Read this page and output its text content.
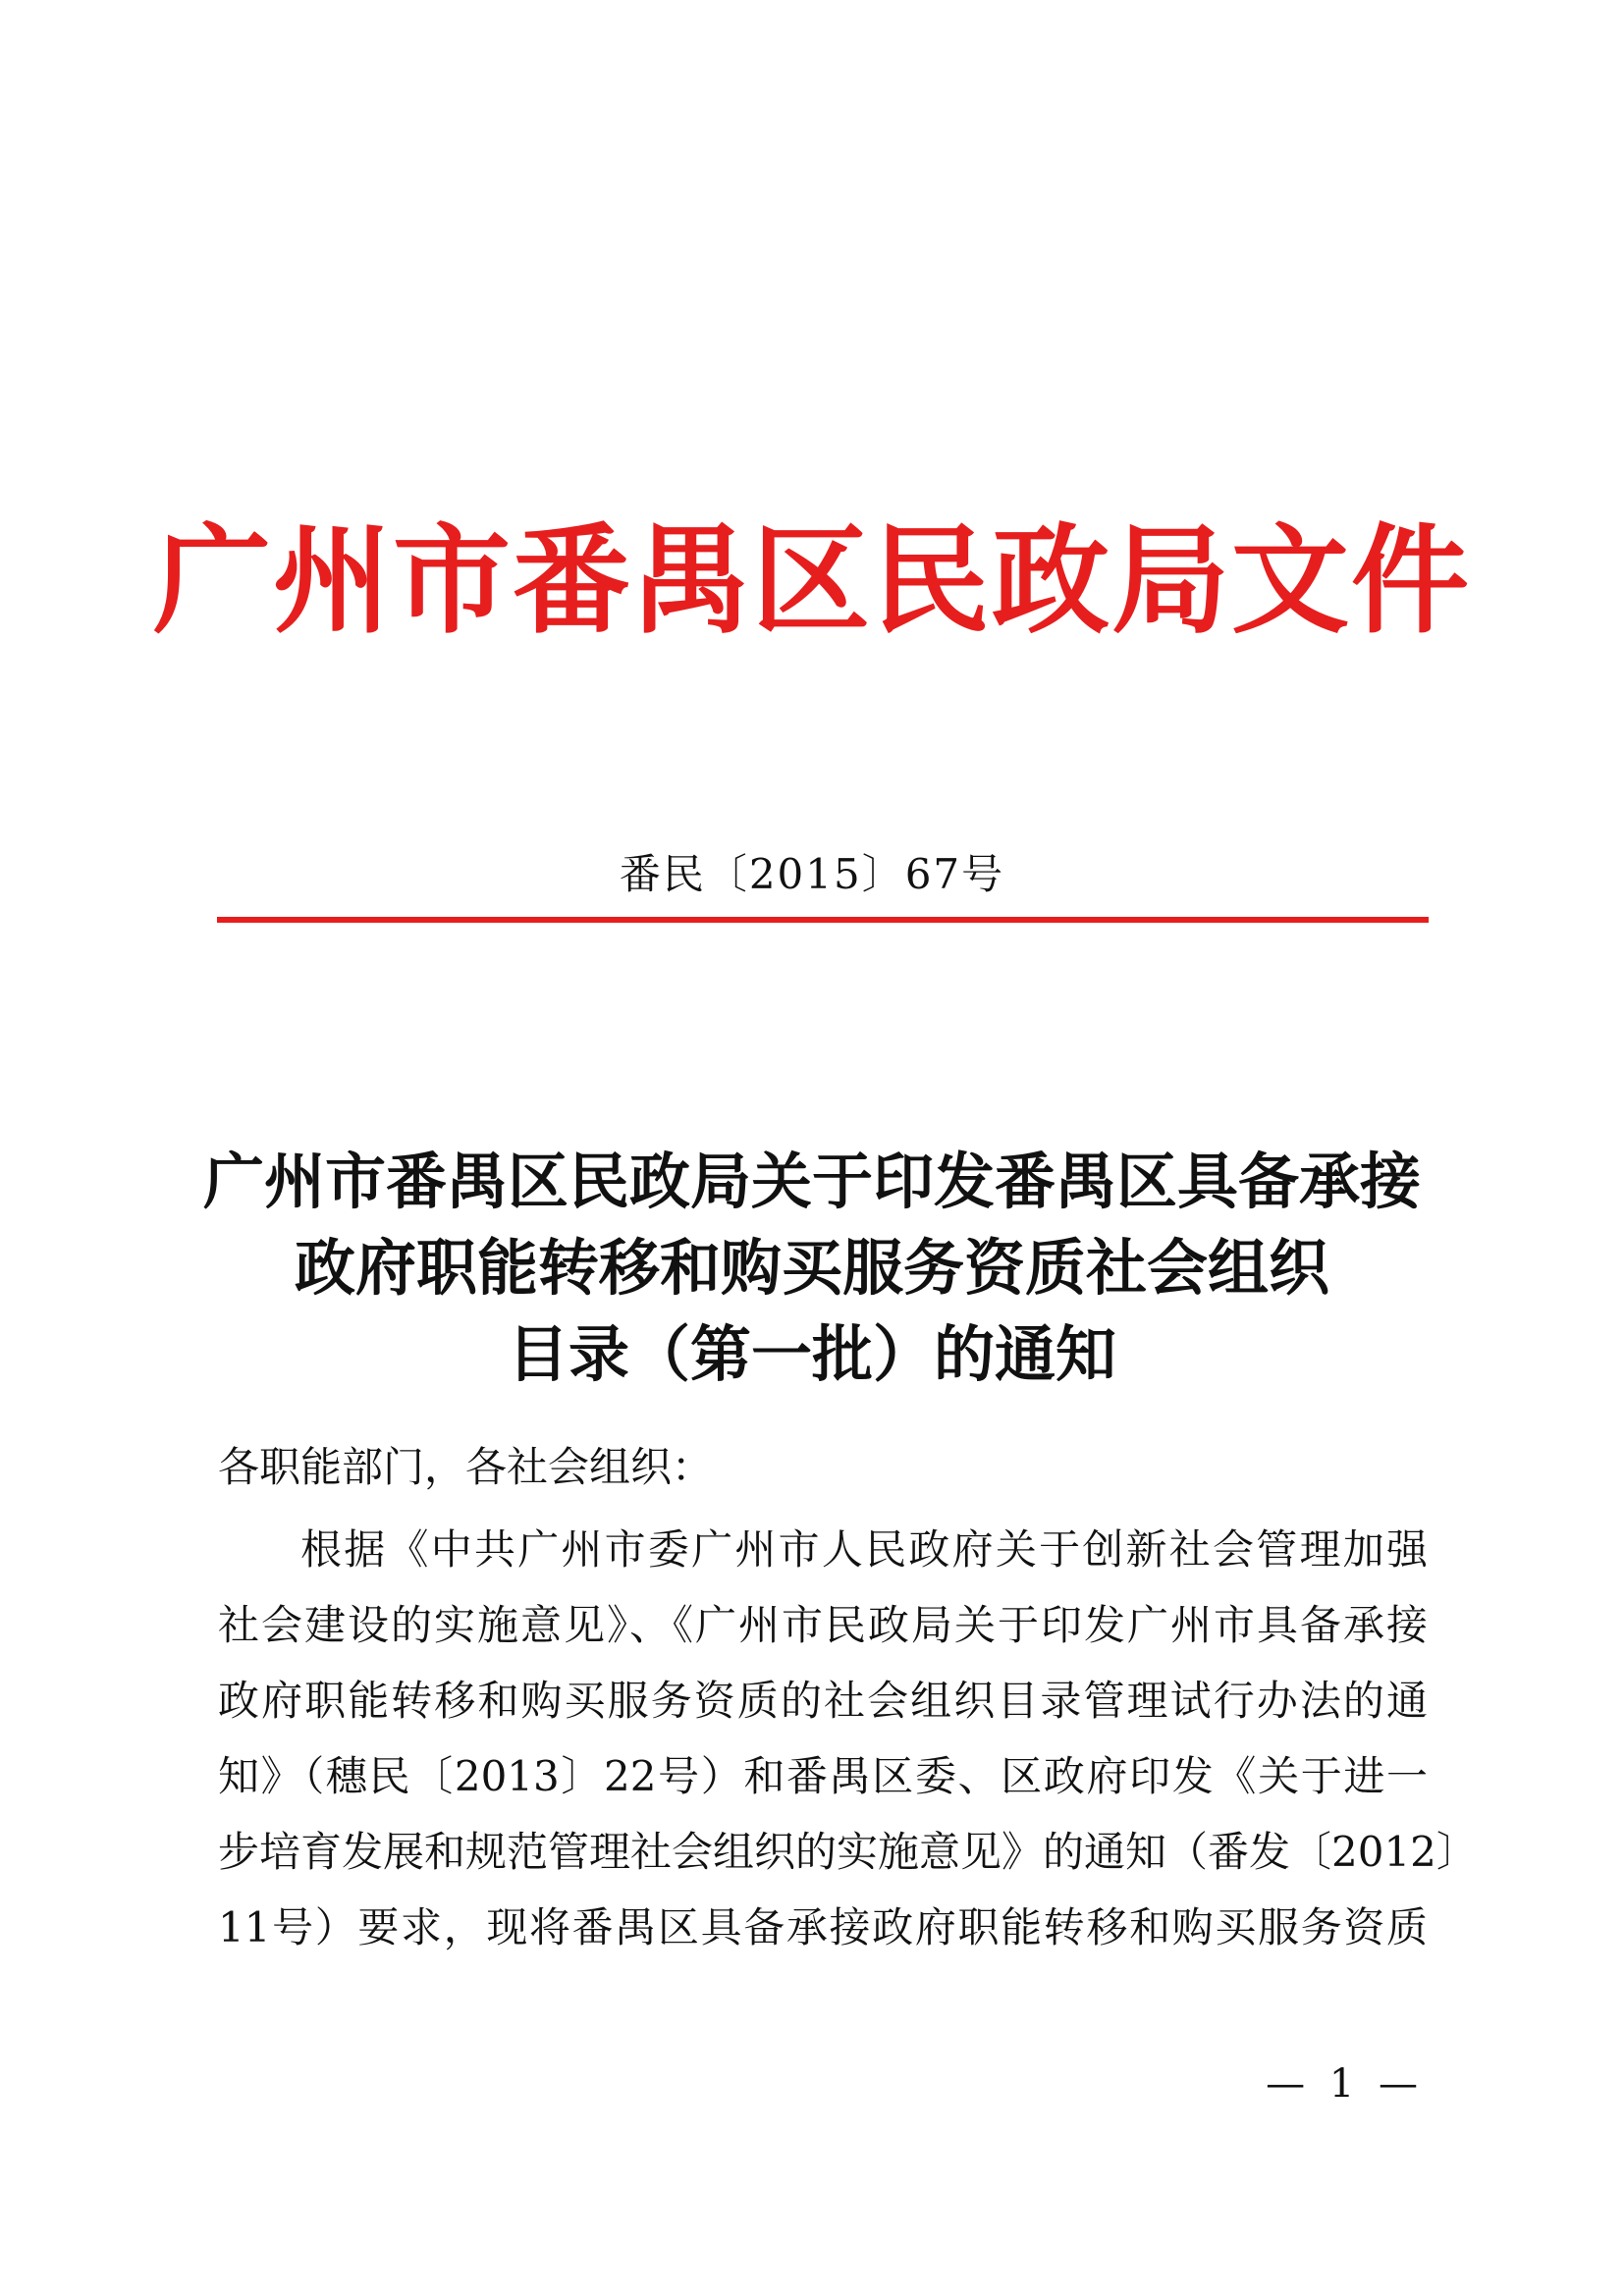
广州市番禺区民政局文件
番民〔2015〕67号
广州市番禺区民政局关于印发番禺区具备承接
政府职能转移和购买服务资质社会组织
目录（第一批）的通知
各职能部门，各社会组织：
根据《中共广州市委广州市人民政府关于创新社会管理加强
社会建设的实施意见》、《广州市民政局关于印发广州市具备承接
政府职能转移和购买服务资质的社会组织目录管理试行办法的通
知》（穗民〔2013〕22号）和番禺区委、区政府印发《关于进一
步培育发展和规范管理社会组织的实施意见》的通知（番发〔2012〕
11号）要求，现将番禺区具备承接政府职能转移和购买服务资质
— 1 —
